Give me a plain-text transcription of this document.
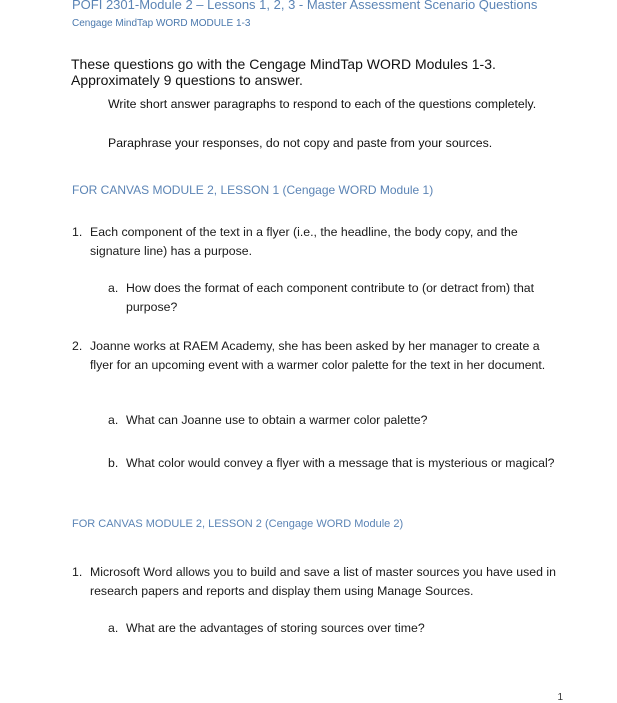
POFI 2301-Module 2 – Lessons 1, 2, 3 - Master Assessment Scenario Questions
Cengage MindTap WORD MODULE 1-3
These questions go with the Cengage MindTap WORD Modules 1-3. Approximately 9 questions to answer.
Write short answer paragraphs to respond to each of the questions completely.
Paraphrase your responses, do not copy and paste from your sources.
FOR CANVAS MODULE 2, LESSON 1 (Cengage WORD Module 1)
1. Each component of the text in a flyer (i.e., the headline, the body copy, and the signature line) has a purpose.
a. How does the format of each component contribute to (or detract from) that purpose?
2. Joanne works at RAEM Academy, she has been asked by her manager to create a flyer for an upcoming event with a warmer color palette for the text in her document.
a. What can Joanne use to obtain a warmer color palette?
b. What color would convey a flyer with a message that is mysterious or magical?
FOR CANVAS MODULE 2, LESSON 2 (Cengage WORD Module 2)
1. Microsoft Word allows you to build and save a list of master sources you have used in research papers and reports and display them using Manage Sources.
a. What are the advantages of storing sources over time?
1
